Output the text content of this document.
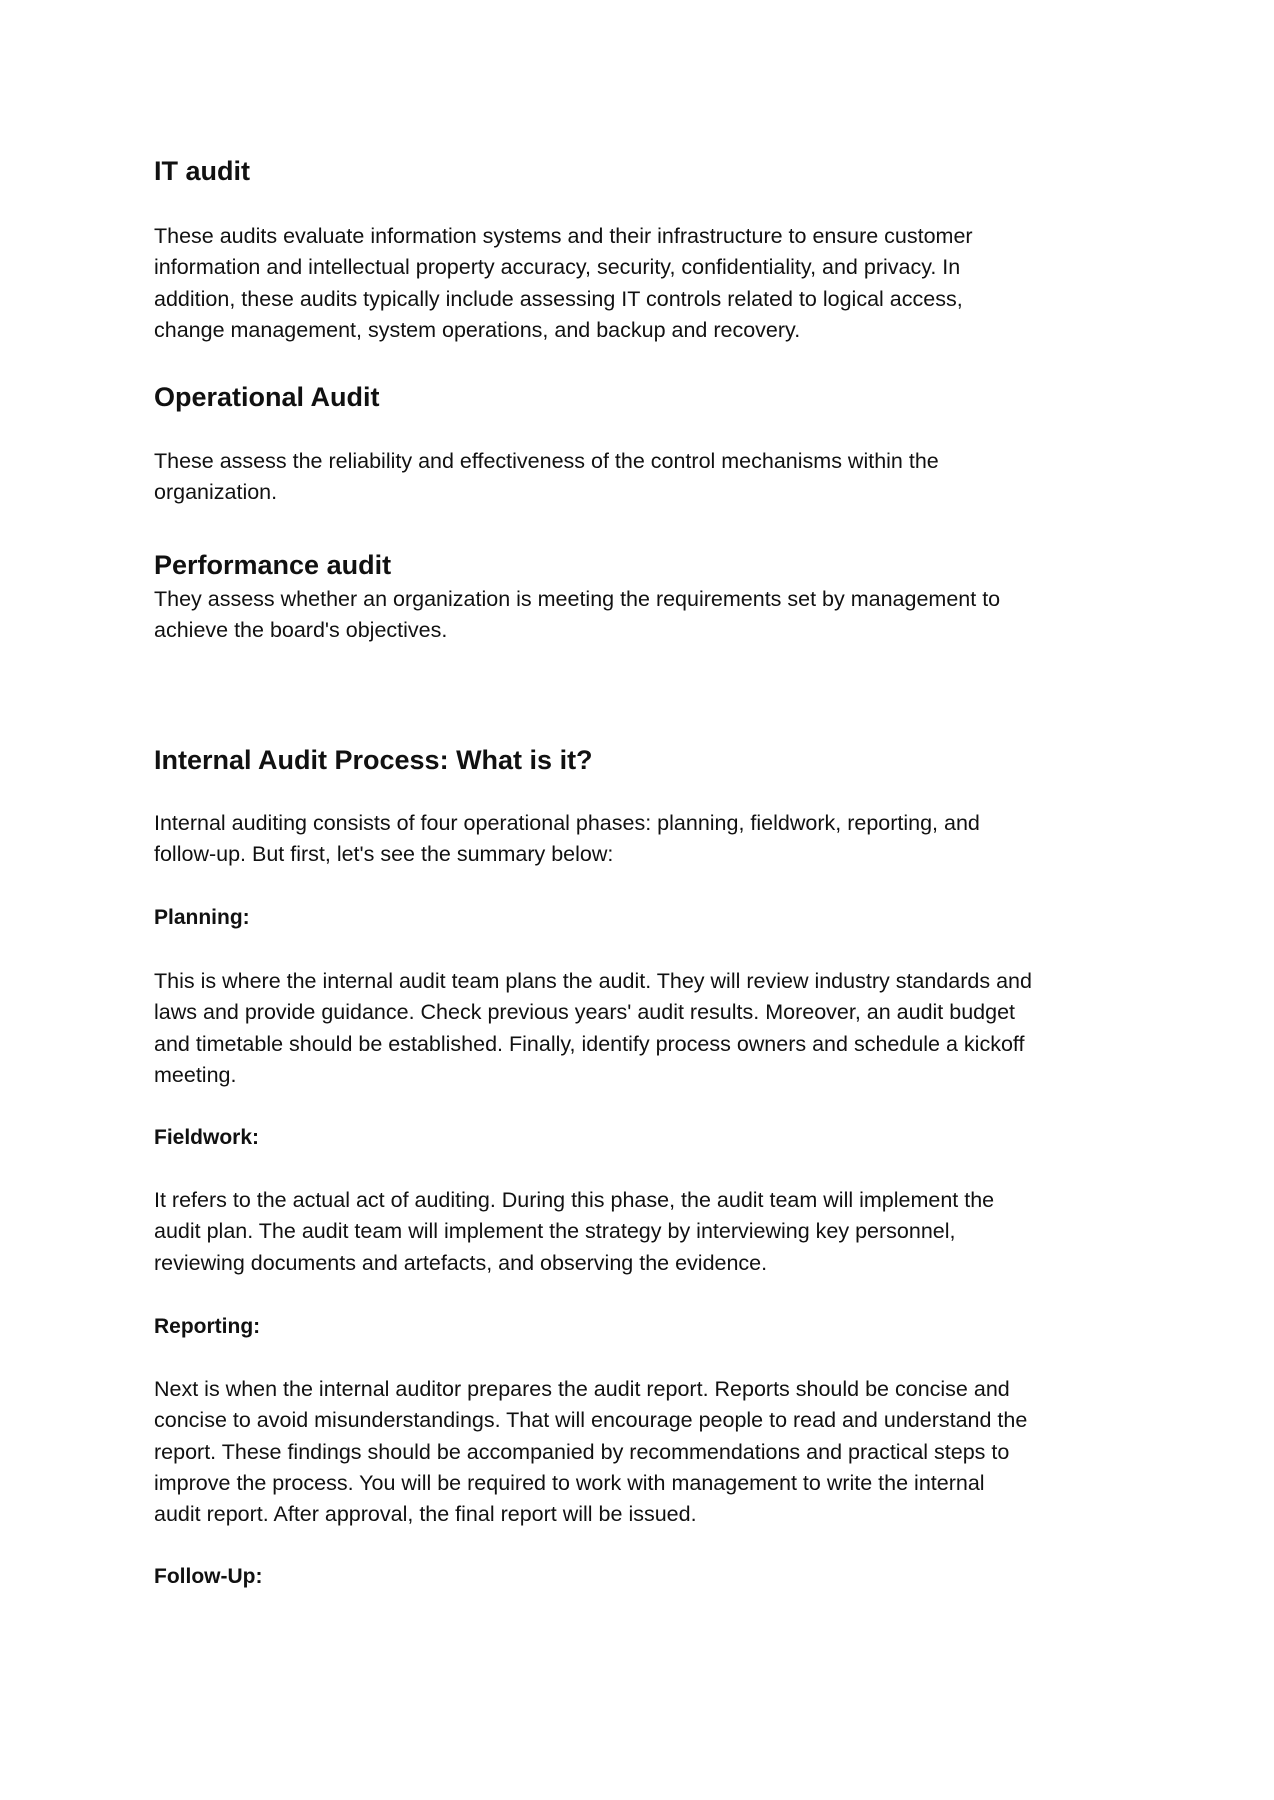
IT audit
These audits evaluate information systems and their infrastructure to ensure customer
information and intellectual property accuracy, security, confidentiality, and privacy. In
addition, these audits typically include assessing IT controls related to logical access,
change management, system operations, and backup and recovery.
Operational Audit
These assess the reliability and effectiveness of the control mechanisms within the
organization.
Performance audit
They assess whether an organization is meeting the requirements set by management to
achieve the board's objectives.
Internal Audit Process: What is it?
Internal auditing consists of four operational phases: planning, fieldwork, reporting, and
follow-up. But first, let's see the summary below:
Planning:
This is where the internal audit team plans the audit. They will review industry standards and
laws and provide guidance. Check previous years' audit results. Moreover, an audit budget
and timetable should be established. Finally, identify process owners and schedule a kickoff
meeting.
Fieldwork:
It refers to the actual act of auditing. During this phase, the audit team will implement the
audit plan. The audit team will implement the strategy by interviewing key personnel,
reviewing documents and artefacts, and observing the evidence.
Reporting:
Next is when the internal auditor prepares the audit report. Reports should be concise and
concise to avoid misunderstandings. That will encourage people to read and understand the
report. These findings should be accompanied by recommendations and practical steps to
improve the process. You will be required to work with management to write the internal
audit report. After approval, the final report will be issued.
Follow-Up:
